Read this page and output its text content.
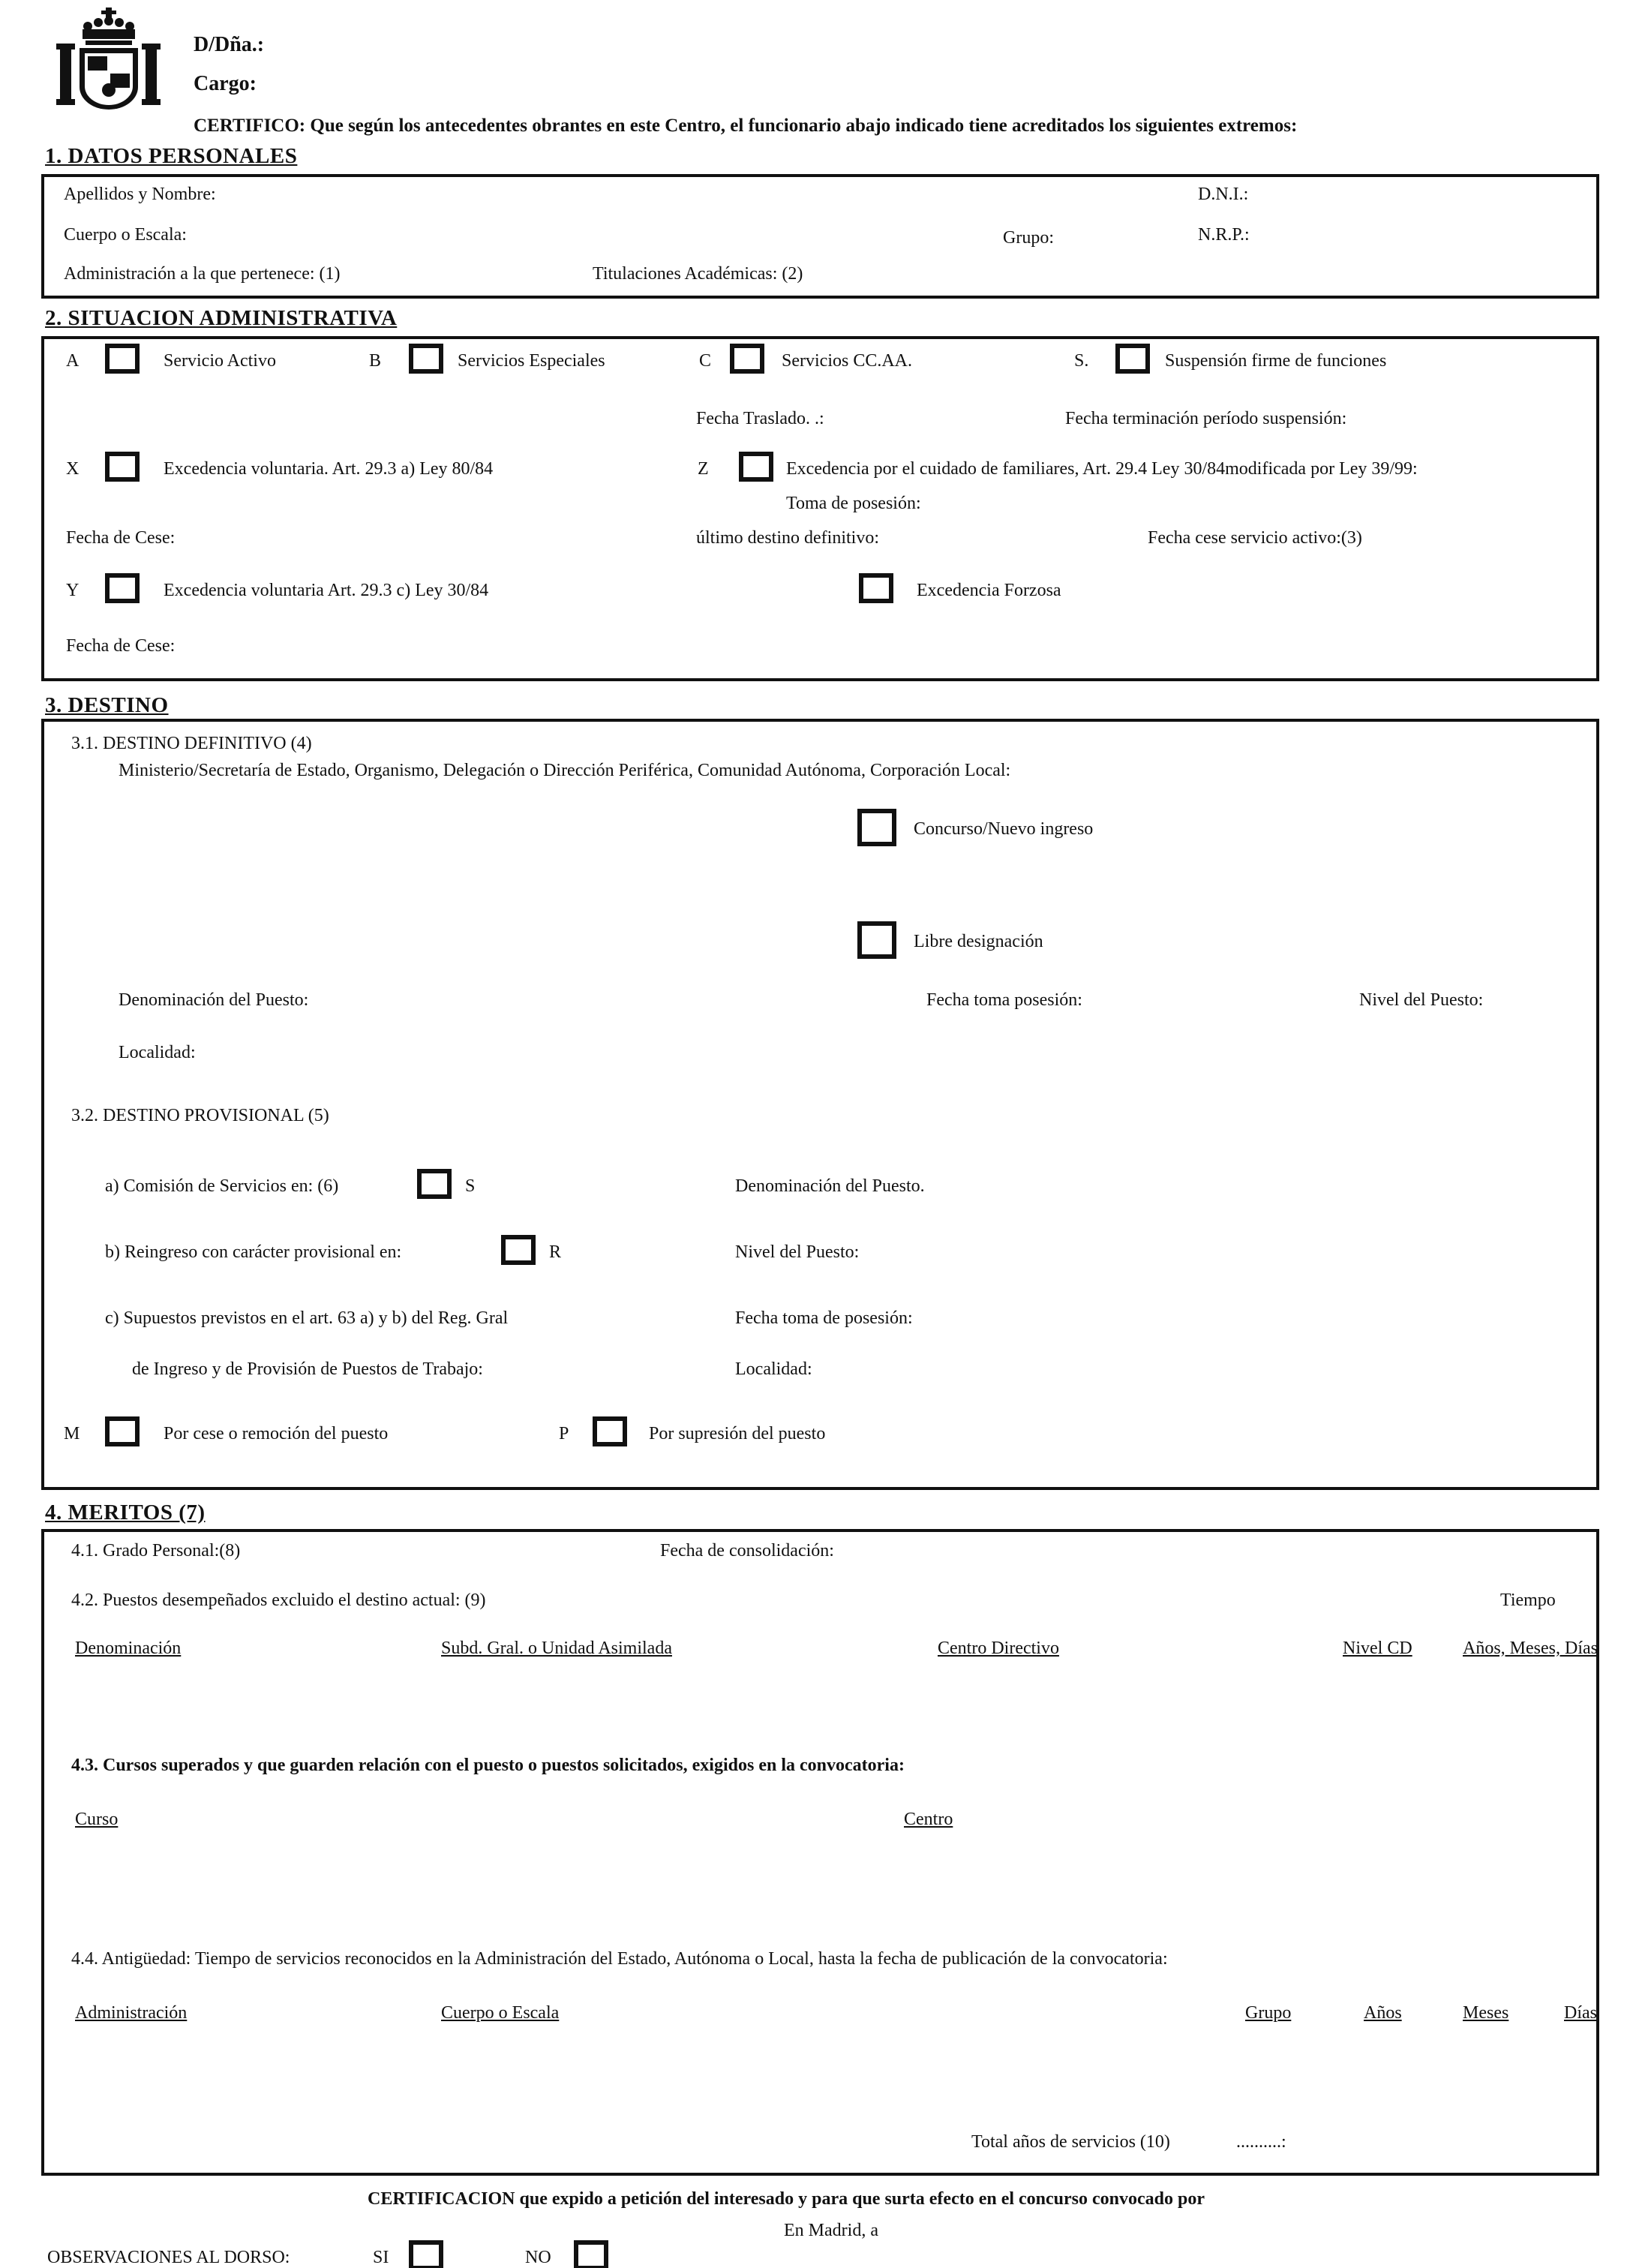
D/Dña.:
Cargo:
CERTIFICO: Que según los antecedentes obrantes en este Centro, el funcionario abajo indicado tiene acreditados los siguientes extremos:
1. DATOS PERSONALES
Apellidos y Nombre:	D.N.I.:
Cuerpo o Escala:	Grupo:	N.R.P.:
Administración a la que pertenece: (1)	Titulaciones Académicas: (2)
2. SITUACION ADMINISTRATIVA
A	Servicio Activo	B	Servicios Especiales	C	Servicios CC.AA.	S.	Suspensión firme de funciones
Fecha Traslado. .:	Fecha terminación período suspensión:
X	Excedencia voluntaria. Art. 29.3 a) Ley 80/84	Z	Excedencia por el cuidado de familiares, Art. 29.4 Ley 30/84modificada por Ley 39/99:
Toma de posesión:
Fecha de Cese:	último destino definitivo:	Fecha cese servicio activo:(3)
Y	Excedencia voluntaria Art. 29.3 c) Ley 30/84	Excedencia Forzosa
Fecha de Cese:
3. DESTINO
3.1. DESTINO DEFINITIVO (4)
Ministerio/Secretaría de Estado, Organismo, Delegación o Dirección Periférica, Comunidad Autónoma, Corporación Local:
Concurso/Nuevo ingreso
Libre designación
Denominación del Puesto:	Fecha toma posesión:	Nivel del Puesto:
Localidad:
3.2. DESTINO PROVISIONAL (5)
a) Comisión de Servicios en: (6)	S	Denominación del Puesto.
b) Reingreso con carácter provisional en:	R	Nivel del Puesto:
c) Supuestos previstos en el art. 63 a) y b) del Reg. Gral	Fecha toma de posesión:
de Ingreso y de Provisión de Puestos de Trabajo:	Localidad:
M	Por cese o remoción del puesto	P	Por supresión del puesto
4. MERITOS (7)
4.1. Grado Personal:(8)	Fecha de consolidación:
4.2. Puestos desempeñados excluido el destino actual: (9)	Tiempo
Denominación	Subd. Gral. o Unidad Asimilada	Centro Directivo	Nivel CD	Años, Meses, Días
4.3. Cursos superados y que guarden relación con el puesto o puestos solicitados, exigidos en la convocatoria:
Curso	Centro
4.4. Antigüedad: Tiempo de servicios reconocidos en la Administración del Estado, Autónoma o Local, hasta la fecha de publicación de la convocatoria:
Administración	Cuerpo o Escala	Grupo	Años	Meses	Días
Total años de servicios (10)	..........:
CERTIFICACION que expido a petición del interesado y para que surta efecto en el concurso convocado por
En Madrid, a
OBSERVACIONES AL DORSO:	SI	NO
